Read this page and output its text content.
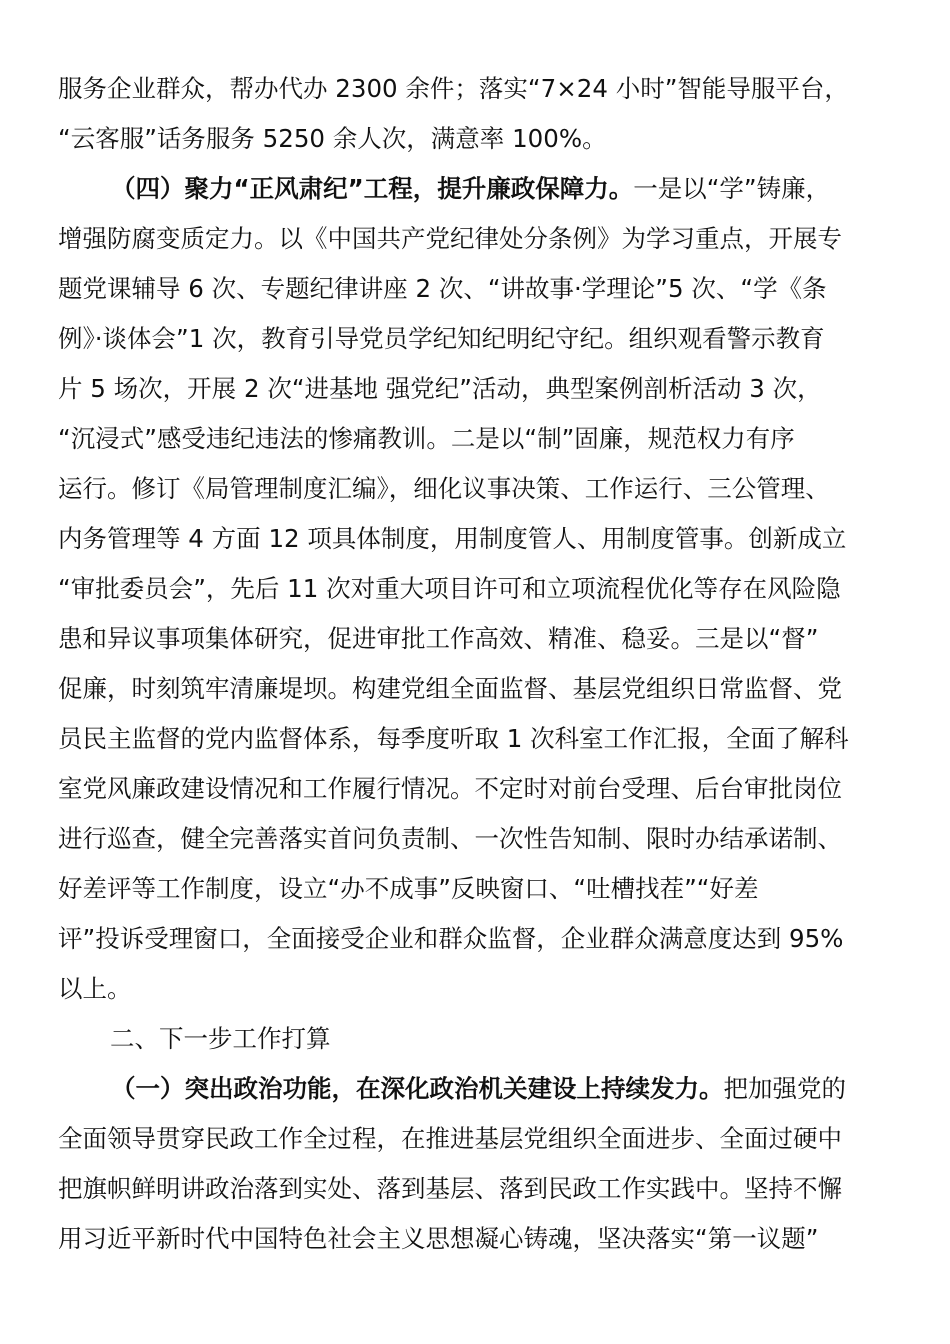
服务企业群众，帮办代办 2300 余件；落实“7×24 小时”智能导服平台，
“云客服”话务服务 5250 余人次，满意率 100%。
（四）聚力“正风肃纪”工程，提升廉政保障力。一是以“学”铸廉，
增强防腐变质定力。以《中国共产党纪律处分条例》为学习重点，开展专
题党课辅导 6 次、专题纪律讲座 2 次、“讲故事·学理论”5 次、“学《条
例》·谈体会”1 次，教育引导党员学纪知纪明纪守纪。组织观看警示教育
片 5 场次，开展 2 次“进基地 强党纪”活动，典型案例剖析活动 3 次，
“沉浸式”感受违纪违法的惨痛教训。二是以“制”固廉，规范权力有序
运行。修订《局管理制度汇编》，细化议事决策、工作运行、三公管理、
内务管理等 4 方面 12 项具体制度，用制度管人、用制度管事。创新成立
“审批委员会”，先后 11 次对重大项目许可和立项流程优化等存在风险隐
患和异议事项集体研究，促进审批工作高效、精准、稳妥。三是以“督”
促廉，时刻筑牢清廉堤坝。构建党组全面监督、基层党组织日常监督、党
员民主监督的党内监督体系，每季度听取 1 次科室工作汇报，全面了解科
室党风廉政建设情况和工作履行情况。不定时对前台受理、后台审批岗位
进行巡查，健全完善落实首问负责制、一次性告知制、限时办结承诺制、
好差评等工作制度，设立“办不成事”反映窗口、“吐槽找茬”“好差
评”投诉受理窗口，全面接受企业和群众监督，企业群众满意度达到 95%
以上。
二、下一步工作打算
（一）突出政治功能，在深化政治机关建设上持续发力。把加强党的
全面领导贯穿民政工作全过程，在推进基层党组织全面进步、全面过硬中
把旗帜鲜明讲政治落到实处、落到基层、落到民政工作实践中。坚持不懈
用习近平新时代中国特色社会主义思想凝心铸魂，坚决落实“第一议题”
